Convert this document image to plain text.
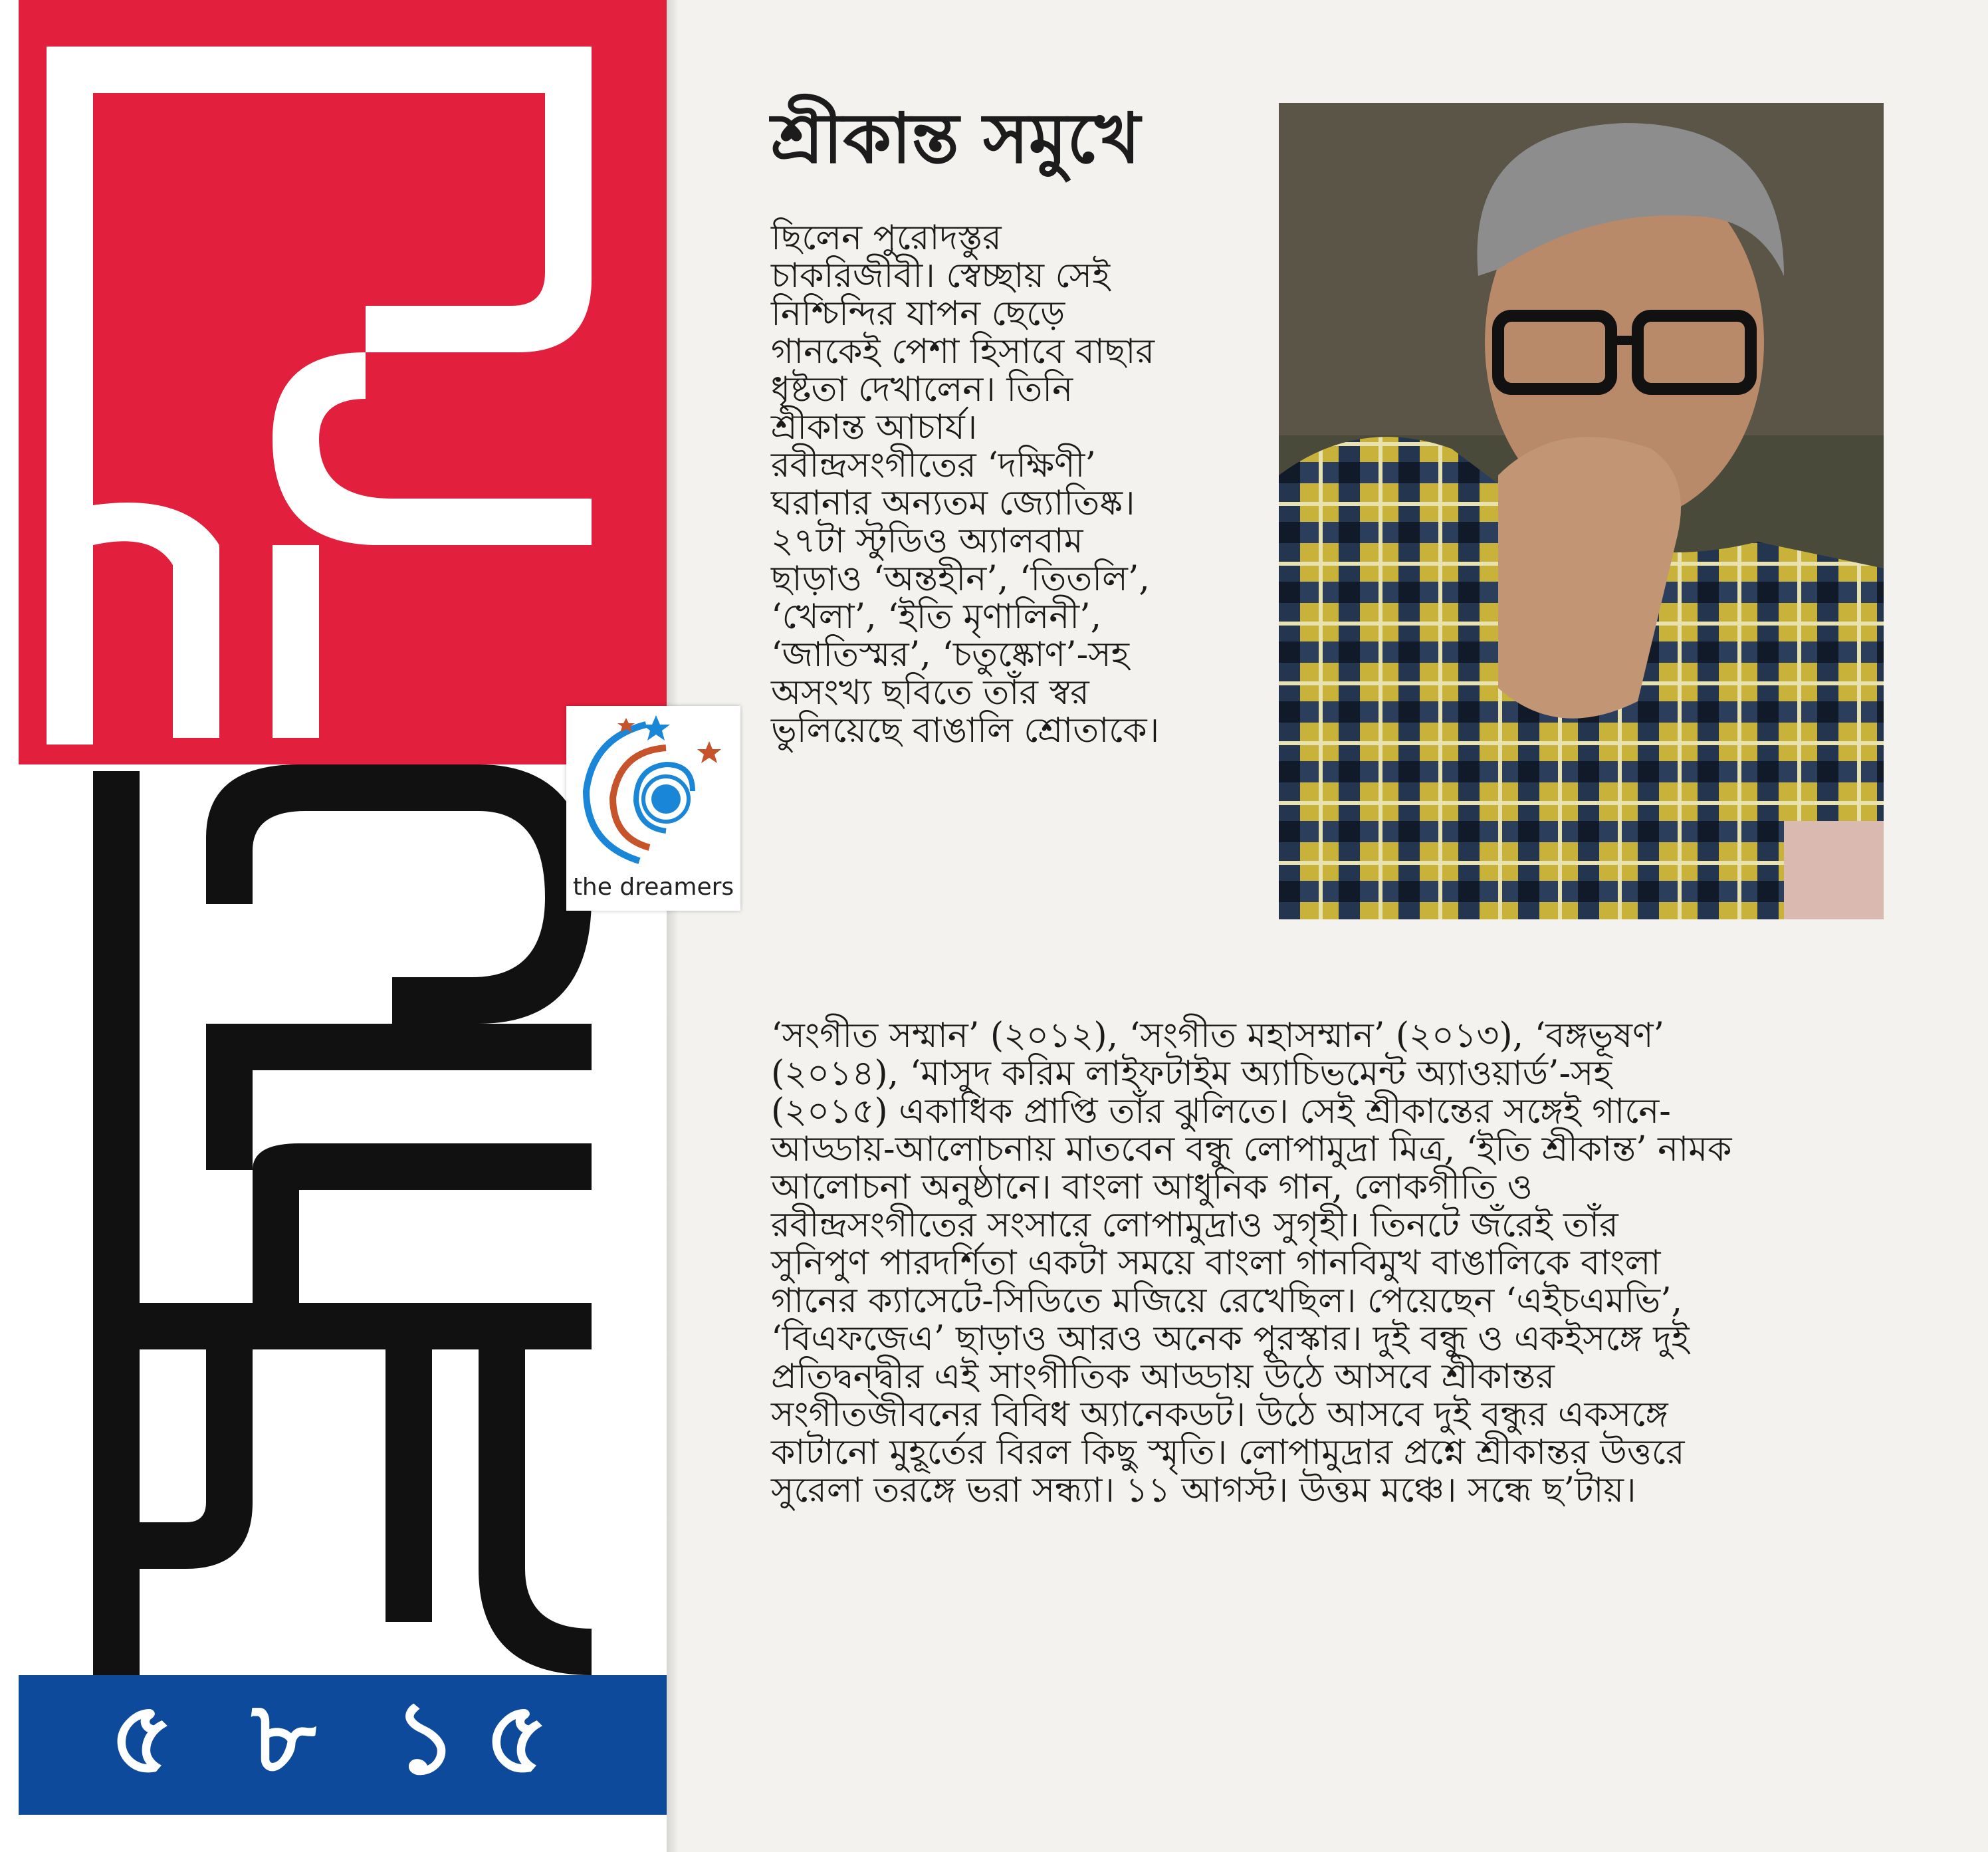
৫ ৮ ১৫
the dreamers
শ্রীকান্ত সমুখে
ছিলেন পুরোদস্তুর
চাকরিজীবী। স্বেচ্ছায় সেই
নিশ্চিন্দির যাপন ছেড়ে
গানকেই পেশা হিসাবে বাছার
ধৃষ্টতা দেখালেন। তিনি
শ্রীকান্ত আচার্য।
রবীন্দ্রসংগীতের ‘দক্ষিণী’
ঘরানার অন্যতম জ্যোতিষ্ক।
২৭টা স্টুডিও অ্যালবাম
ছাড়াও ‘অন্তহীন’, ‘তিতলি’,
‘খেলা’, ‘ইতি মৃণালিনী’,
‘জাতিস্মর’, ‘চতুষ্কোণ’-সহ
অসংখ্য ছবিতে তাঁর স্বর
ভুলিয়েছে বাঙালি শ্রোতাকে।
‘সংগীত সম্মান’ (২০১২), ‘সংগীত মহাসম্মান’ (২০১৩), ‘বঙ্গভূষণ’
(২০১৪), ‘মাসুদ করিম লাইফটাইম অ্যাচিভমেন্ট অ্যাওয়ার্ড’-সহ
(২০১৫) একাধিক প্রাপ্তি তাঁর ঝুলিতে। সেই শ্রীকান্তের সঙ্গেই গানে-
আড্ডায়-আলোচনায় মাতবেন বন্ধু লোপামুদ্রা মিত্র, ‘ইতি শ্রীকান্ত’ নামক
আলোচনা অনুষ্ঠানে। বাংলা আধুনিক গান, লোকগীতি ও
রবীন্দ্রসংগীতের সংসারে লোপামুদ্রাও সুগৃহী। তিনটে জঁরেই তাঁর
সুনিপুণ পারদর্শিতা একটা সময়ে বাংলা গানবিমুখ বাঙালিকে বাংলা
গানের ক্যাসেটে-সিডিতে মজিয়ে রেখেছিল। পেয়েছেন ‘এইচএমভি’,
‘বিএফজেএ’ ছাড়াও আরও অনেক পুরস্কার। দুই বন্ধু ও একইসঙ্গে দুই
প্রতিদ্বন্দ্বীর এই সাংগীতিক আড্ডায় উঠে আসবে শ্রীকান্তর
সংগীতজীবনের বিবিধ অ্যানেকডট। উঠে আসবে দুই বন্ধুর একসঙ্গে
কাটানো মুহূর্তের বিরল কিছু স্মৃতি। লোপামুদ্রার প্রশ্নে শ্রীকান্তর উত্তরে
সুরেলা তরঙ্গে ভরা সন্ধ্যা। ১১ আগস্ট। উত্তম মঞ্চে। সন্ধে ছ’টায়।
